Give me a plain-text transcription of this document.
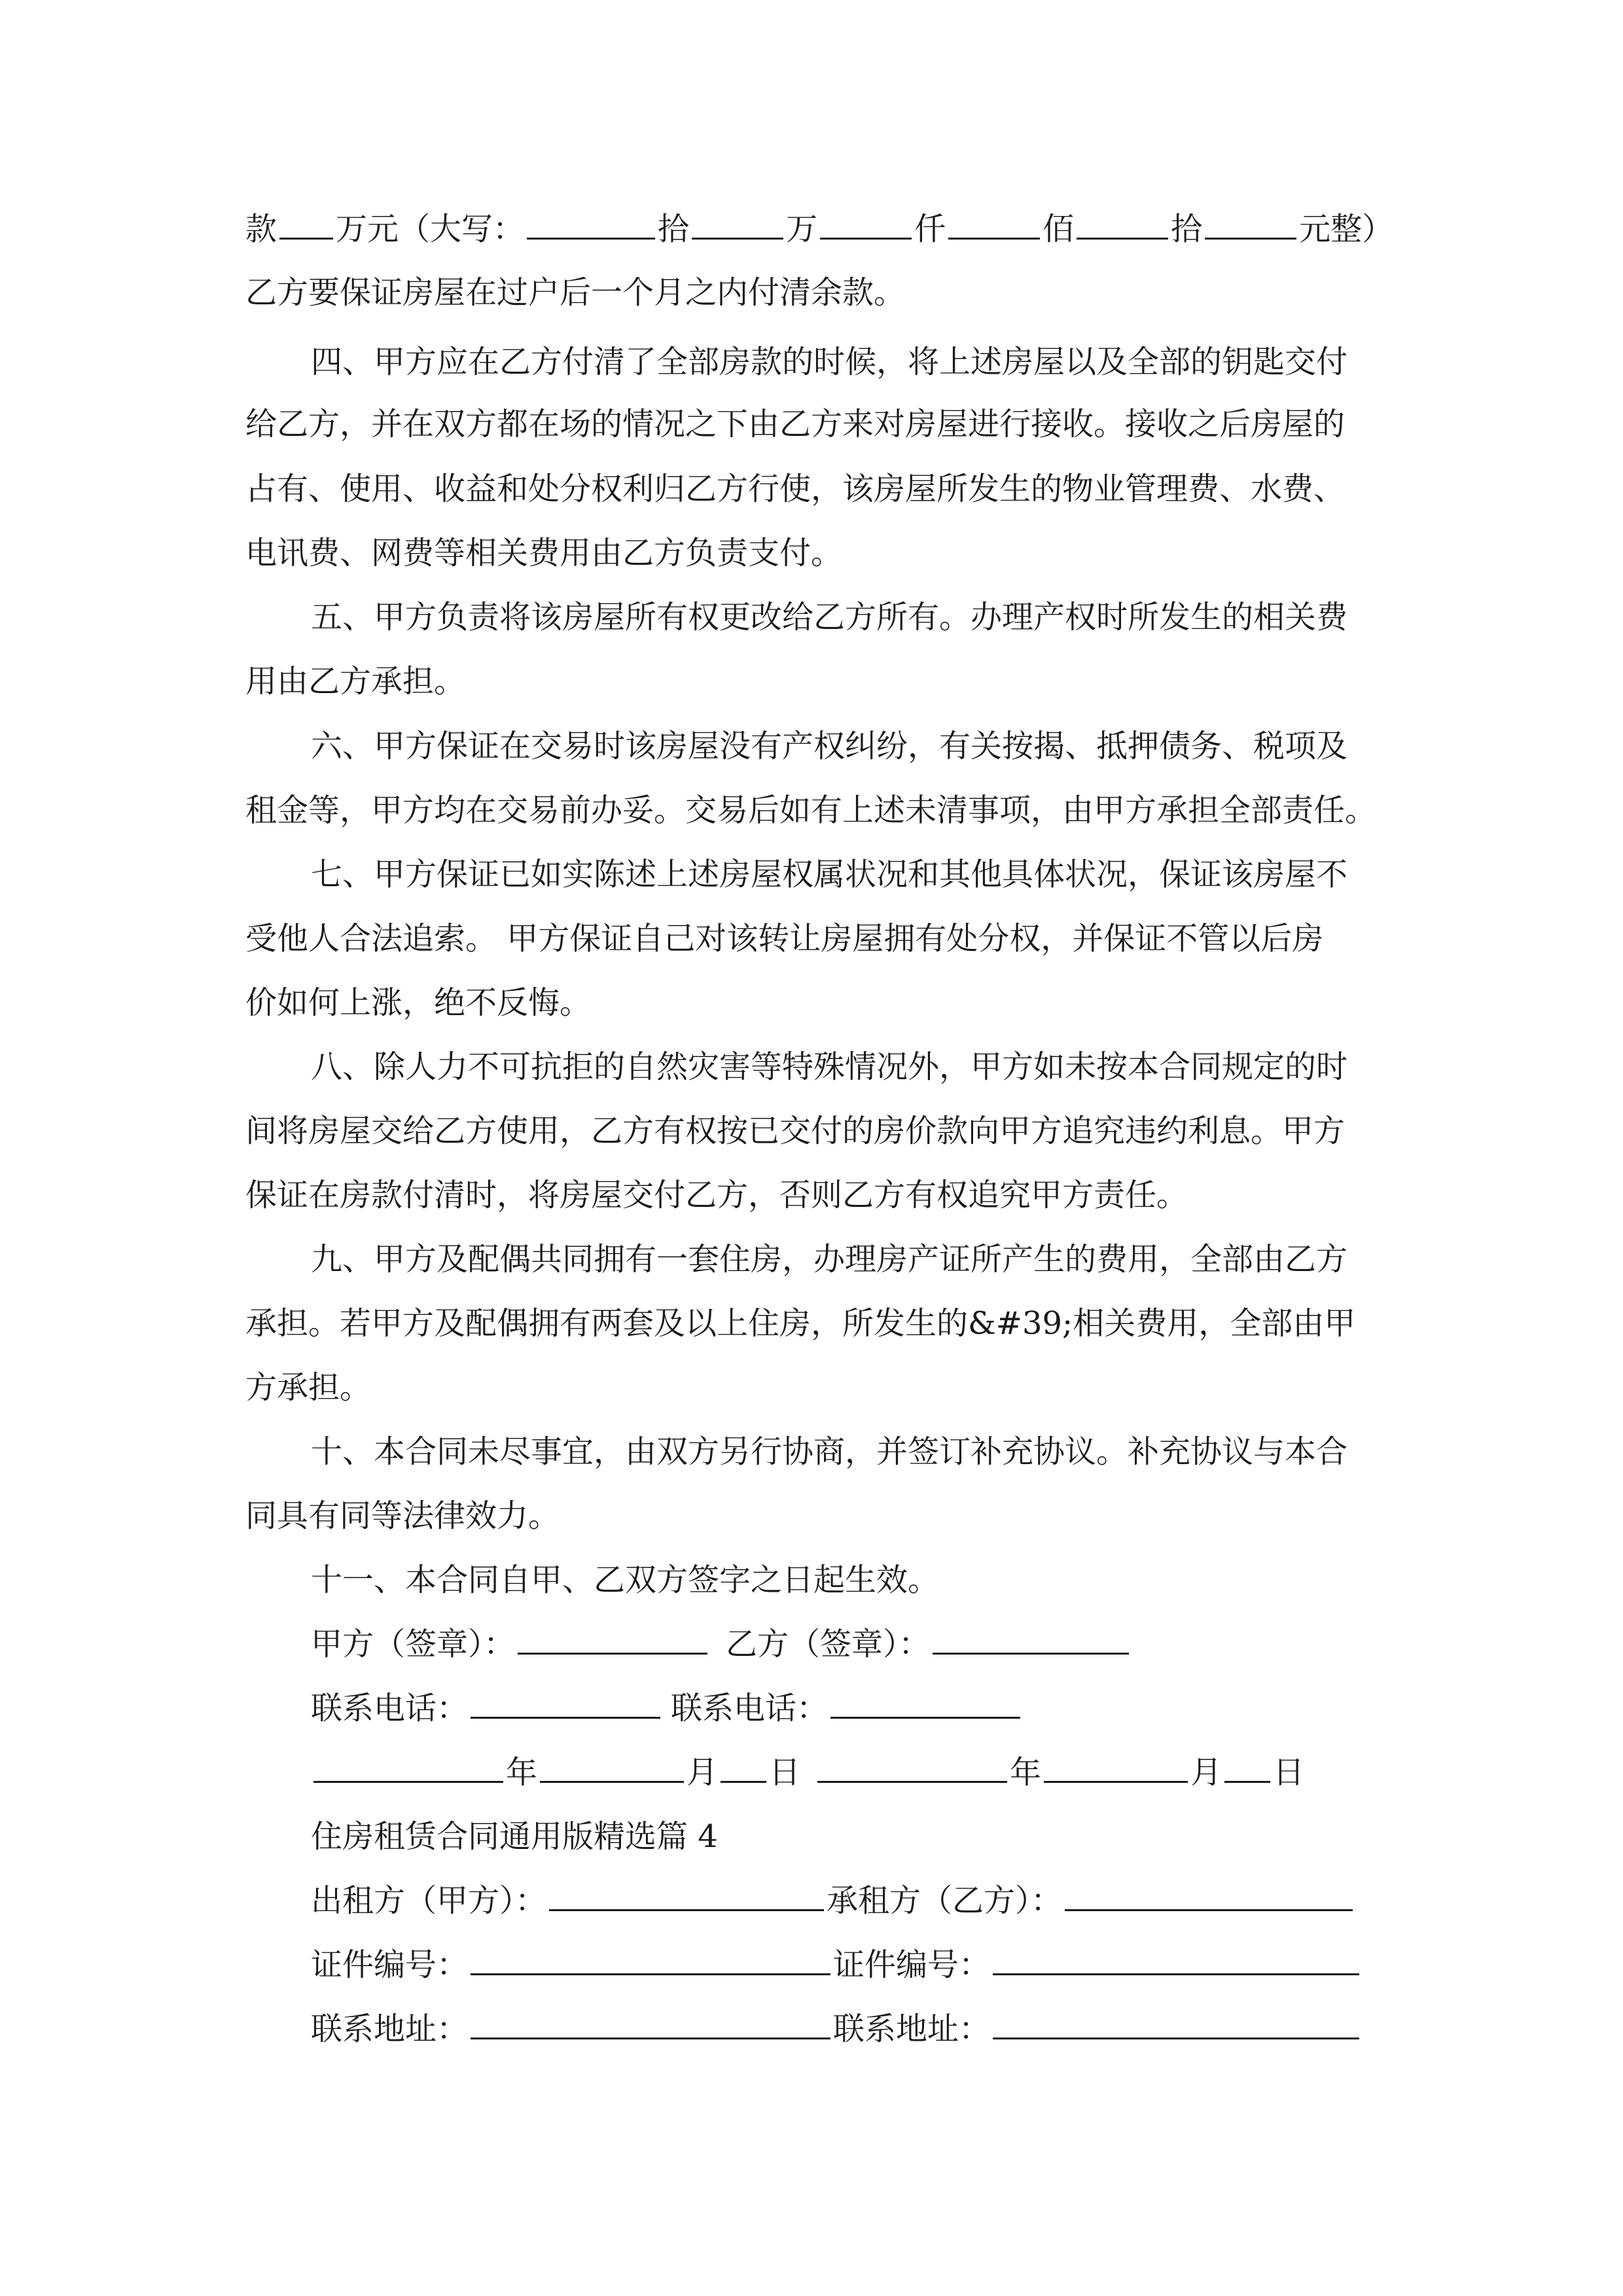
款 万元（大写：	拾	万	仟	佰	拾	元整）
乙方要保证房屋在过户后一个月之内付清余款。
四、甲方应在乙方付清了全部房款的时候，将上述房屋以及全部的钥匙交付
给乙方，并在双方都在场的情况之下由乙方来对房屋进行接收。接收之后房屋的
占有、使用、收益和处分权利归乙方行使，该房屋所发生的物业管理费、水费、
电讯费、网费等相关费用由乙方负责支付。
五、甲方负责将该房屋所有权更改给乙方所有。办理产权时所发生的相关费
用由乙方承担。
六、甲方保证在交易时该房屋没有产权纠纷，有关按揭、抵押债务、税项及
租金等，甲方均在交易前办妥。交易后如有上述未清事项，由甲方承担全部责任。
七、甲方保证已如实陈述上述房屋权属状况和其他具体状况，保证该房屋不
受他人合法追索。 甲方保证自己对该转让房屋拥有处分权，并保证不管以后房
价如何上涨，绝不反悔。
八、除人力不可抗拒的自然灾害等特殊情况外，甲方如未按本合同规定的时
间将房屋交给乙方使用，乙方有权按已交付的房价款向甲方追究违约利息。甲方
保证在房款付清时，将房屋交付乙方，否则乙方有权追究甲方责任。
九、甲方及配偶共同拥有一套住房，办理房产证所产生的费用，全部由乙方
承担。若甲方及配偶拥有两套及以上住房，所发生的&#39;相关费用，全部由甲
方承担。
十、本合同未尽事宜，由双方另行协商，并签订补充协议。补充协议与本合
同具有同等法律效力。
十一、本合同自甲、乙双方签字之日起生效。
甲方（签章）：	乙方（签章）：
联系电话：	联系电话：
年	月 日	年	月 日
住房租赁合同通用版精选篇 4
出租方（甲方）：	承租方（乙方）：
证件编号：	证件编号：
联系地址：	联系地址：
